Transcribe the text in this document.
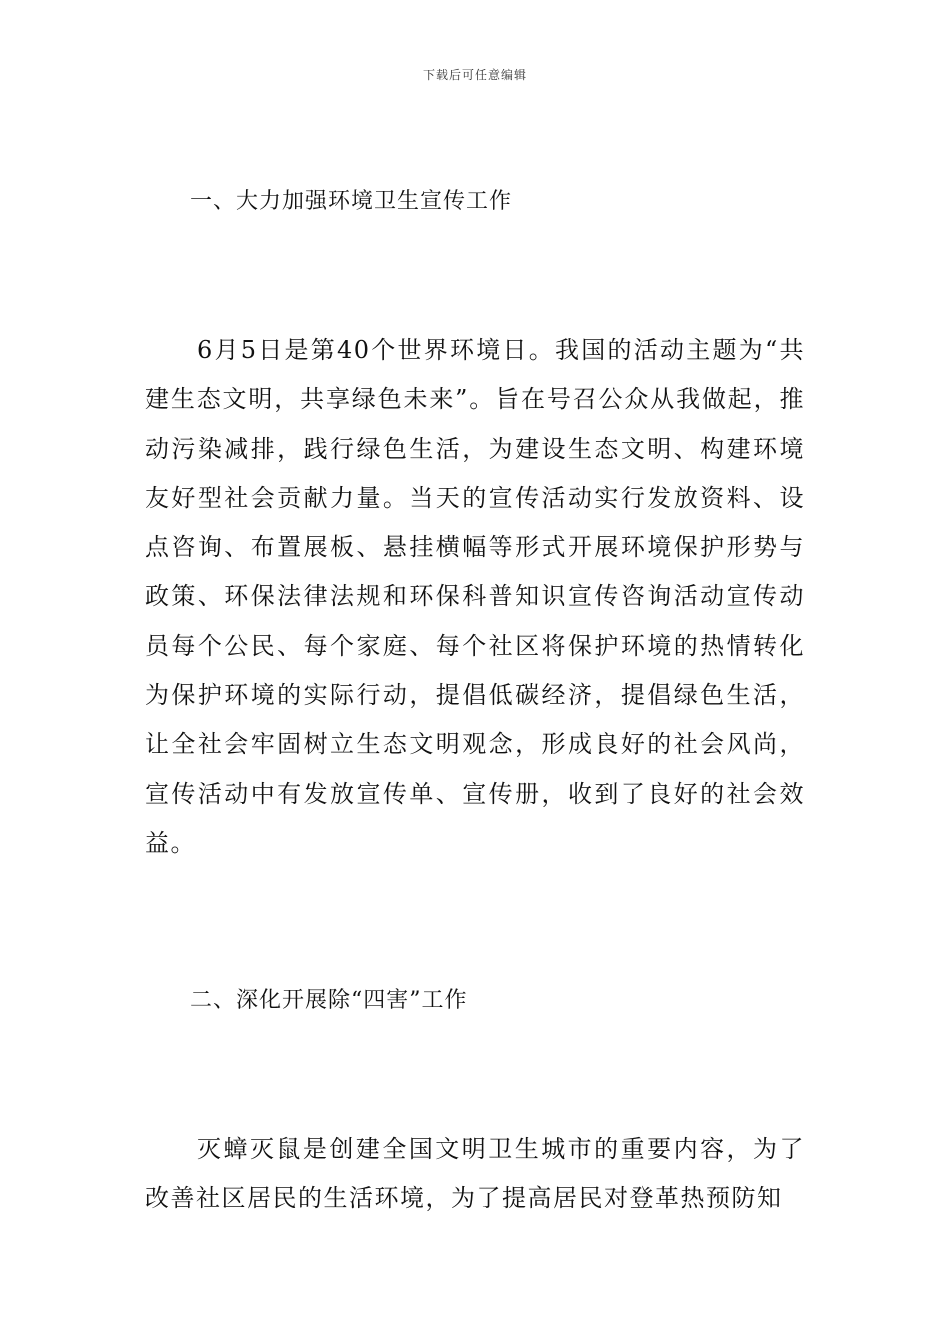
下载后可任意编辑
一、大力加强环境卫生宣传工作

6月5日是第40个世界环境日。我国的活动主题为“共建生态文明，共享绿色未来”。旨在号召公众从我做起，推动污染减排，践行绿色生活，为建设生态文明、构建环境友好型社会贡献力量。当天的宣传活动实行发放资料、设点咨询、布置展板、悬挂横幅等形式开展环境保护形势与政策、环保法律法规和环保科普知识宣传咨询活动宣传动员每个公民、每个家庭、每个社区将保护环境的热情转化为保护环境的实际行动，提倡低碳经济，提倡绿色生活，让全社会牢固树立生态文明观念，形成良好的社会风尚，宣传活动中有发放宣传单、宣传册，收到了良好的社会效益。

二、深化开展除“四害”工作

灭蟑灭鼠是创建全国文明卫生城市的重要内容，为了改善社区居民的生活环境，为了提高居民对登革热预防知
